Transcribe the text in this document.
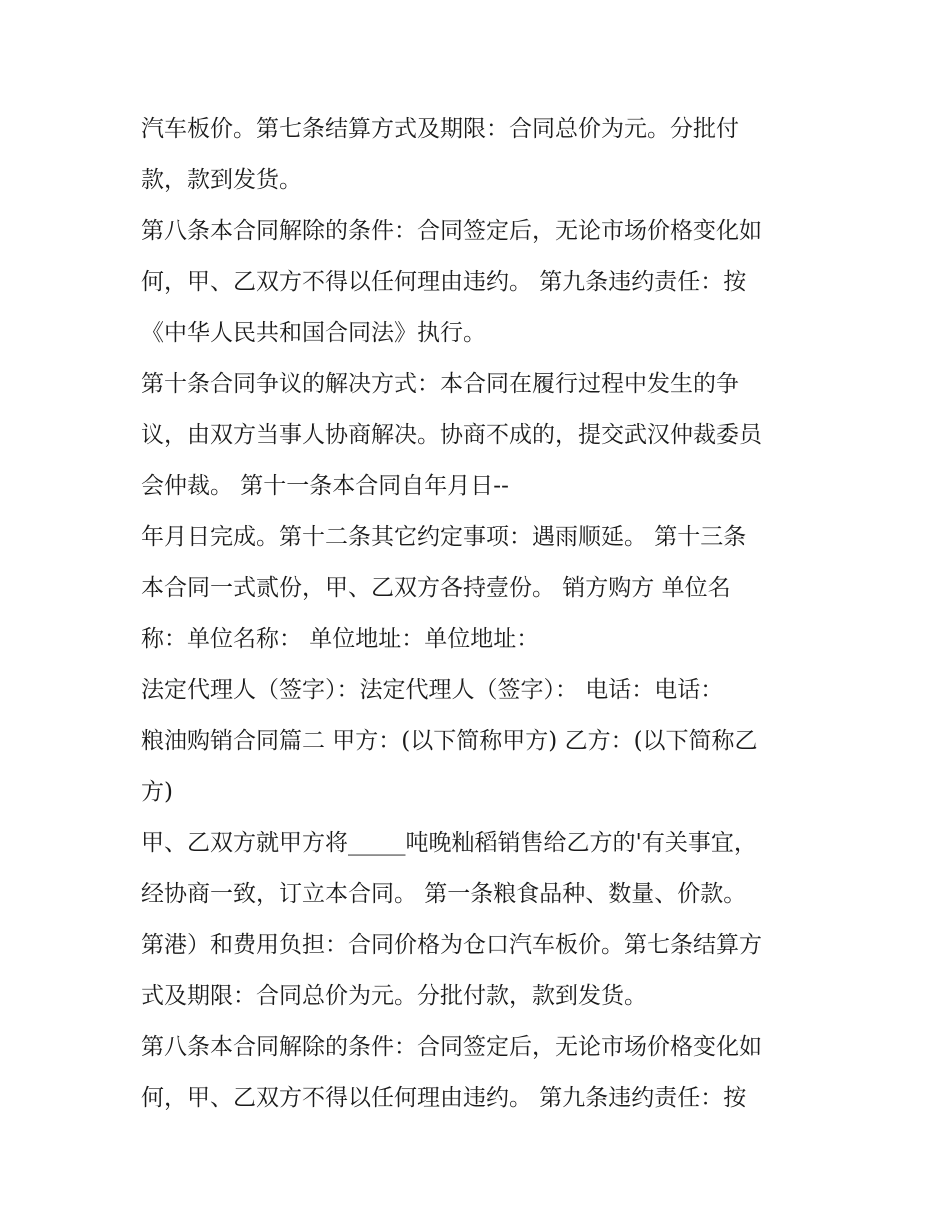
汽车板价。第七条结算方式及期限：合同总价为元。分批付
款，款到发货。
第八条本合同解除的条件：合同签定后，无论市场价格变化如
何，甲、乙双方不得以任何理由违约。 第九条违约责任：按
《中华人民共和国合同法》执行。
第十条合同争议的解决方式：本合同在履行过程中发生的争
议，由双方当事人协商解决。协商不成的，提交武汉仲裁委员
会仲裁。 第十一条本合同自年月日--
年月日完成。第十二条其它约定事项：遇雨顺延。 第十三条
本合同一式贰份，甲、乙双方各持壹份。 销方购方 单位名
称：单位名称： 单位地址：单位地址：
法定代理人（签字）：法定代理人（签字）： 电话：电话：
粮油购销合同篇二 甲方：(以下简称甲方) 乙方：(以下简称乙
方)
甲、乙双方就甲方将_____吨晚籼稻销售给乙方的'有关事宜，
经协商一致，订立本合同。 第一条粮食品种、数量、价款。
第港）和费用负担：合同价格为仓口汽车板价。第七条结算方
式及期限：合同总价为元。分批付款，款到发货。
第八条本合同解除的条件：合同签定后，无论市场价格变化如
何，甲、乙双方不得以任何理由违约。 第九条违约责任：按
